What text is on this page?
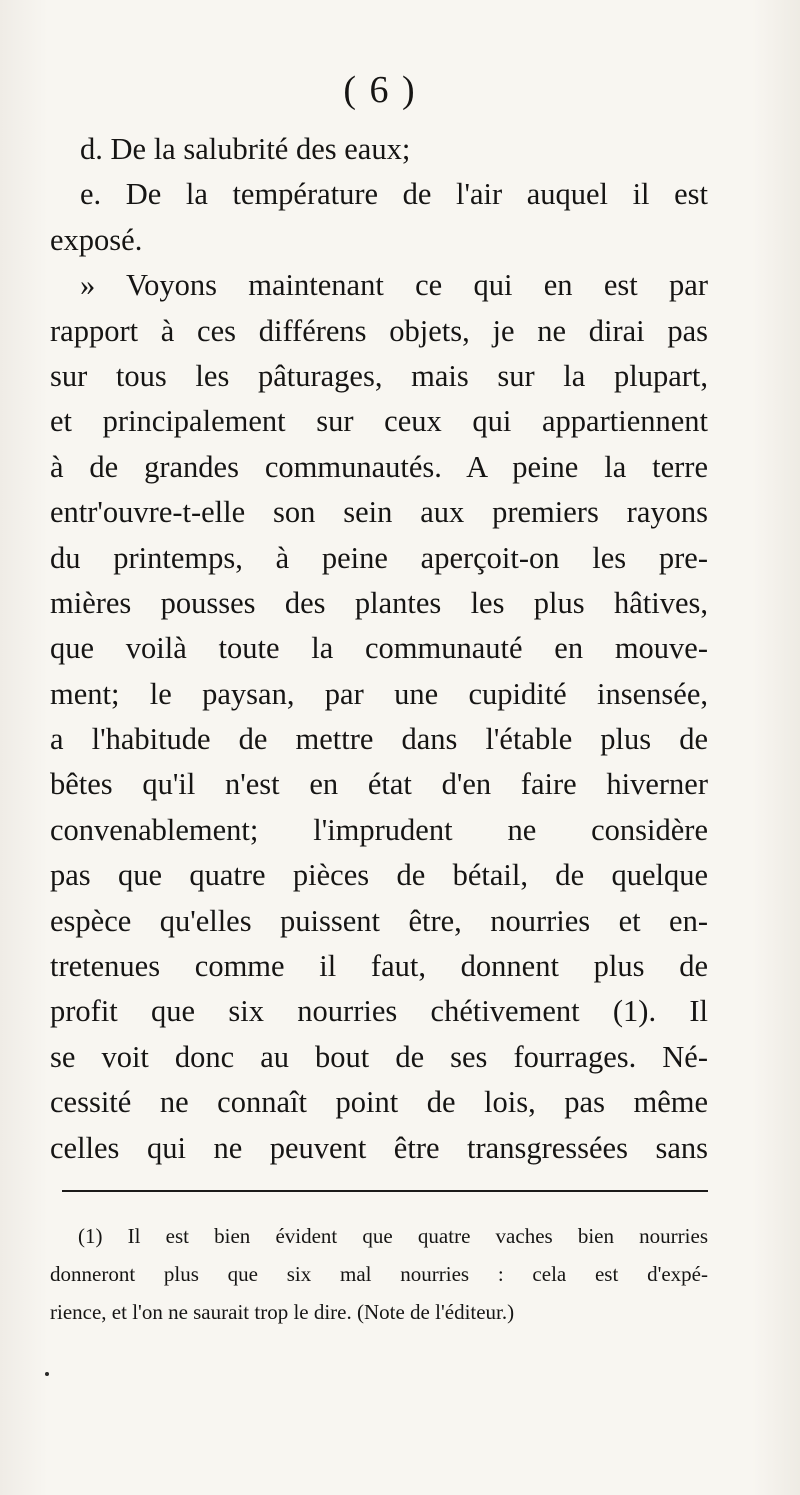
( 6 )
d. De la salubrité des eaux;
e. De la température de l'air auquel il est
exposé.
» Voyons maintenant ce qui en est par
rapport à ces différens objets, je ne dirai pas
sur tous les pâturages, mais sur la plupart,
et principalement sur ceux qui appartiennent
à de grandes communautés. A peine la terre
entr'ouvre-t-elle son sein aux premiers rayons
du printemps, à peine aperçoit-on les pre-
mières pousses des plantes les plus hâtives,
que voilà toute la communauté en mouve-
ment; le paysan, par une cupidité insensée,
a l'habitude de mettre dans l'étable plus de
bêtes qu'il n'est en état d'en faire hiverner
convenablement; l'imprudent ne considère
pas que quatre pièces de bétail, de quelque
espèce qu'elles puissent être, nourries et en-
tretenues comme il faut, donnent plus de
profit que six nourries chétivement (1). Il
se voit donc au bout de ses fourrages. Né-
cessité ne connaît point de lois, pas même
celles qui ne peuvent être transgressées sans
(1) Il est bien évident que quatre vaches bien nourries
donneront plus que six mal nourries : cela est d'expé-
rience, et l'on ne saurait trop le dire. (Note de l'éditeur.)
